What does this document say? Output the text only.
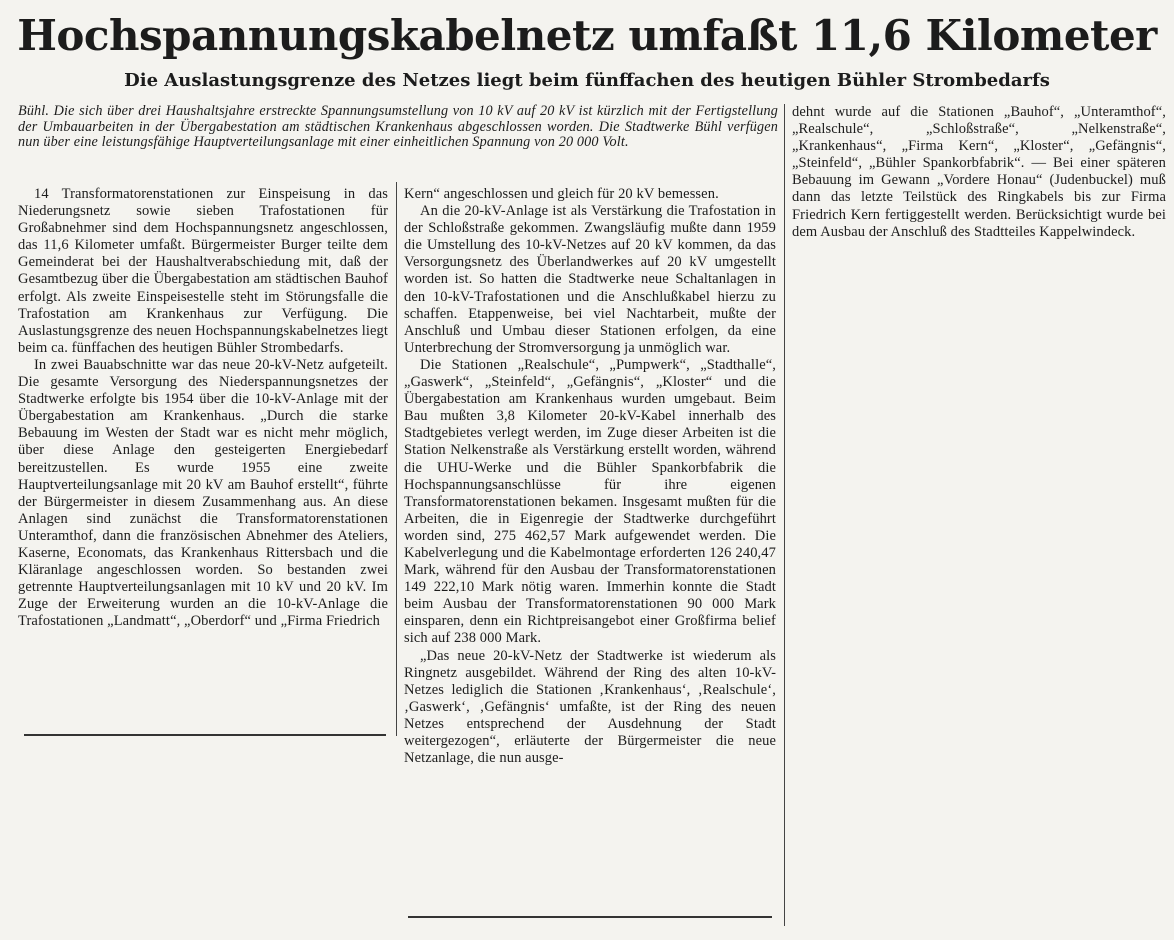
Hochspannungskabelnetz umfaßt 11,6 Kilometer
Die Auslastungsgrenze des Netzes liegt beim fünffachen des heutigen Bühler Strombedarfs
Bühl. Die sich über drei Haushaltsjahre erstreckte Spannungsumstellung von 10 kV auf 20 kV ist kürzlich mit der Fertigstellung der Umbauarbeiten in der Übergabestation am städtischen Krankenhaus abgeschlossen worden. Die Stadtwerke Bühl verfügen nun über eine leistungsfähige Hauptverteilungsanlage mit einer einheitlichen Spannung von 20 000 Volt.

14 Transformatorenstationen zur Einspeisung in das Niederungsnetz sowie sieben Trafostationen für Großabnehmer sind dem Hochspannungsnetz angeschlossen, das 11,6 Kilometer umfaßt. Bürgermeister Burger teilte dem Gemeinderat bei der Haushaltverabschiedung mit, daß der Gesamtbezug über die Übergabestation am städtischen Bauhof erfolgt. Als zweite Einspeisestelle steht im Störungsfalle die Trafostation am Krankenhaus zur Verfügung. Die Auslastungsgrenze des neuen Hochspannungskabelnetzes liegt beim ca. fünffachen des heutigen Bühler Strombedarfs.

In zwei Bauabschnitte war das neue 20-kV-Netz aufgeteilt. Die gesamte Versorgung des Niederspannungsnetzes der Stadtwerke erfolgte bis 1954 über die 10-kV-Anlage mit der Übergabestation am Krankenhaus. „Durch die starke Bebauung im Westen der Stadt war es nicht mehr möglich, über diese Anlage den gesteigerten Energiebedarf bereitzustellen. Es wurde 1955 eine zweite Hauptverteilungsanlage mit 20 kV am Bauhof erstellt“, führte der Bürgermeister in diesem Zusammenhang aus. An diese Anlagen sind zunächst die Transformatorenstationen Unteramthof, dann die französischen Abnehmer des Ateliers, Kaserne, Economats, das Krankenhaus Rittersbach und die Kläranlage angeschlossen worden. So bestanden zwei getrennte Hauptverteilungsanlagen mit 10 kV und 20 kV. Im Zuge der Erweiterung wurden an die 10-kV-Anlage die Trafostationen „Landmatt“, „Oberdorf“ und „Firma Friedrich

Kern“ angeschlossen und gleich für 20 kV bemessen.

An die 20-kV-Anlage ist als Verstärkung die Trafostation in der Schloßstraße gekommen. Zwangsläufig mußte dann 1959 die Umstellung des 10-kV-Netzes auf 20 kV kommen, da das Versorgungsnetz des Überlandwerkes auf 20 kV umgestellt worden ist. So hatten die Stadtwerke neue Schaltanlagen in den 10-kV-Trafostationen und die Anschlußkabel hierzu zu schaffen. Etappenweise, bei viel Nachtarbeit, mußte der Anschluß und Umbau dieser Stationen erfolgen, da eine Unterbrechung der Stromversorgung ja unmöglich war.

Die Stationen „Realschule“, „Pumpwerk“, „Stadthalle“, „Gaswerk“, „Steinfeld“, „Gefängnis“, „Kloster“ und die Übergabestation am Krankenhaus wurden umgebaut. Beim Bau mußten 3,8 Kilometer 20-kV-Kabel innerhalb des Stadtgebietes verlegt werden, im Zuge dieser Arbeiten ist die Station Nelkenstraße als Verstärkung erstellt worden, während die UHU-Werke und die Bühler Spankorbfabrik die Hochspannungsanschlüsse für ihre eigenen Transformatorenstationen bekamen. Insgesamt mußten für die Arbeiten, die in Eigenregie der Stadtwerke durchgeführt worden sind, 275 462,57 Mark aufgewendet werden. Die Kabelverlegung und die Kabelmontage erforderten 126 240,47 Mark, während für den Ausbau der Transformatorenstationen 149 222,10 Mark nötig waren. Immerhin konnte die Stadt beim Ausbau der Transformatorenstationen 90 000 Mark einsparen, denn ein Richtpreisangebot einer Großfirma belief sich auf 238 000 Mark.

„Das neue 20-kV-Netz der Stadtwerke ist wiederum als Ringnetz ausgebildet. Während der Ring des alten 10-kV-Netzes lediglich die Stationen ‚Krankenhaus‘, ‚Realschule‘, ‚Gaswerk‘, ‚Gefängnis‘ umfaßte, ist der Ring des neuen Netzes entsprechend der Ausdehnung der Stadt weitergezogen“, erläuterte der Bürgermeister die neue Netzanlage, die nun ausge-

dehnt wurde auf die Stationen „Bauhof“, „Unteramthof“, „Realschule“, „Schloßstraße“, „Nelkenstraße“, „Krankenhaus“, „Firma Kern“, „Kloster“, „Gefängnis“, „Steinfeld“, „Bühler Spankorbfabrik“. — Bei einer späteren Bebauung im Gewann „Vordere Honau“ (Judenbuckel) muß dann das letzte Teilstück des Ringkabels bis zur Firma Friedrich Kern fertiggestellt werden. Berücksichtigt wurde bei dem Ausbau der Anschluß des Stadtteiles Kappelwindeck.
